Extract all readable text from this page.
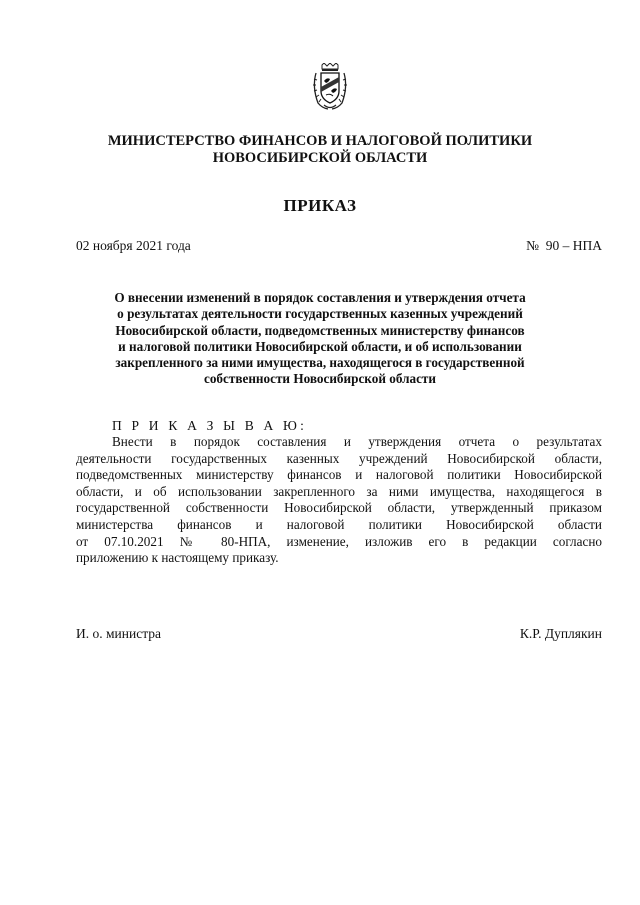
МИНИСТЕРСТВО ФИНАНСОВ И НАЛОГОВОЙ ПОЛИТИКИ
НОВОСИБИРСКОЙ ОБЛАСТИ
ПРИКАЗ
02 ноября 2021 года	№  90 – НПА
О внесении изменений в порядок составления и утверждения отчета
о результатах деятельности государственных казенных учреждений
Новосибирской области, подведомственных министерству финансов
и налоговой политики Новосибирской области, и об использовании
закрепленного за ними имущества, находящегося в государственной
собственности Новосибирской области
П Р И К А З Ы В А Ю:
Внести в порядок составления и утверждения отчета о результатах
деятельности государственных казенных учреждений Новосибирской области,
подведомственных министерству финансов и налоговой политики Новосибирской
области, и об использовании закрепленного за ними имущества, находящегося в
государственной собственности Новосибирской области, утвержденный приказом
министерства финансов и налоговой политики Новосибирской области
от 07.10.2021 № 80-НПА, изменение, изложив его в редакции согласно
приложению к настоящему приказу.
И. о. министра	К.Р. Дуплякин
